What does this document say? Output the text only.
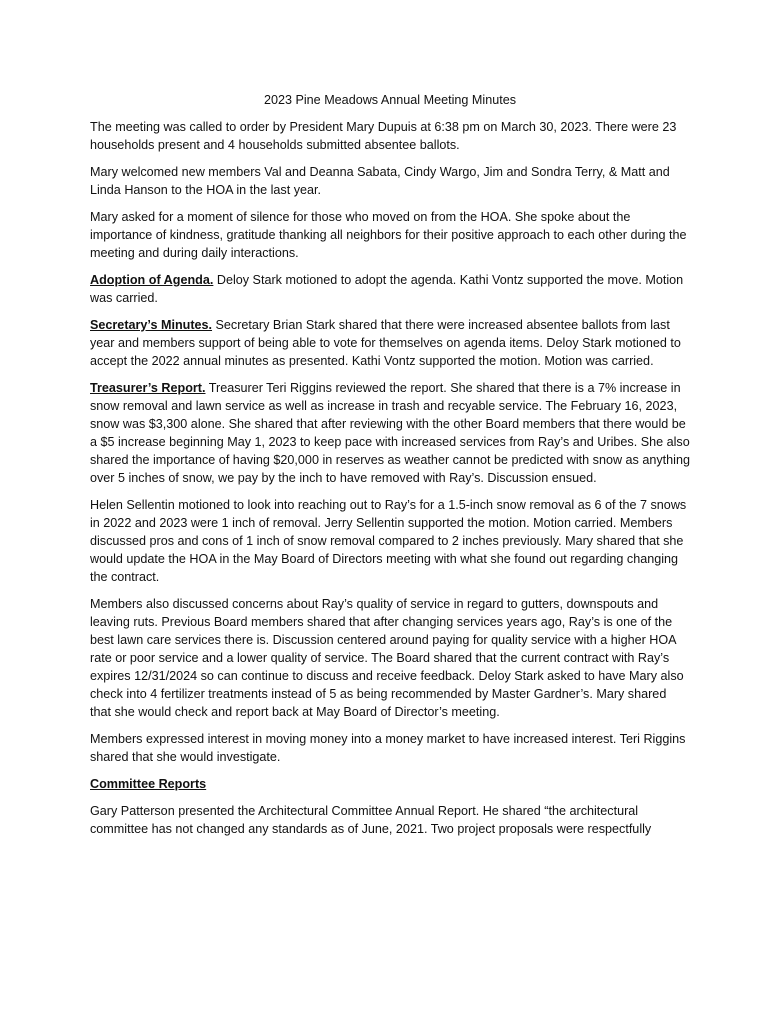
2023 Pine Meadows Annual Meeting Minutes

The meeting was called to order by President Mary Dupuis at 6:38 pm on March 30, 2023. There were 23 households present and 4 households submitted absentee ballots.

Mary welcomed new members Val and Deanna Sabata, Cindy Wargo, Jim and Sondra Terry, & Matt and Linda Hanson to the HOA in the last year.

Mary asked for a moment of silence for those who moved on from the HOA. She spoke about the importance of kindness, gratitude thanking all neighbors for their positive approach to each other during the meeting and during daily interactions.

Adoption of Agenda. Deloy Stark motioned to adopt the agenda. Kathi Vontz supported the move. Motion was carried.

Secretary’s Minutes. Secretary Brian Stark shared that there were increased absentee ballots from last year and members support of being able to vote for themselves on agenda items. Deloy Stark motioned to accept the 2022 annual minutes as presented. Kathi Vontz supported the motion. Motion was carried.

Treasurer’s Report. Treasurer Teri Riggins reviewed the report. She shared that there is a 7% increase in snow removal and lawn service as well as increase in trash and recyable service. The February 16, 2023, snow was $3,300 alone. She shared that after reviewing with the other Board members that there would be a $5 increase beginning May 1, 2023 to keep pace with increased services from Ray’s and Uribes. She also shared the importance of having $20,000 in reserves as weather cannot be predicted with snow as anything over 5 inches of snow, we pay by the inch to have removed with Ray’s. Discussion ensued.

Helen Sellentin motioned to look into reaching out to Ray’s for a 1.5-inch snow removal as 6 of the 7 snows in 2022 and 2023 were 1 inch of removal. Jerry Sellentin supported the motion. Motion carried. Members discussed pros and cons of 1 inch of snow removal compared to 2 inches previously. Mary shared that she would update the HOA in the May Board of Directors meeting with what she found out regarding changing the contract.

Members also discussed concerns about Ray’s quality of service in regard to gutters, downspouts and leaving ruts. Previous Board members shared that after changing services years ago, Ray’s is one of the best lawn care services there is. Discussion centered around paying for quality service with a higher HOA rate or poor service and a lower quality of service. The Board shared that the current contract with Ray’s expires 12/31/2024 so can continue to discuss and receive feedback. Deloy Stark asked to have Mary also check into 4 fertilizer treatments instead of 5 as being recommended by Master Gardner’s. Mary shared that she would check and report back at May Board of Director’s meeting.

Members expressed interest in moving money into a money market to have increased interest. Teri Riggins shared that she would investigate.

Committee Reports

Gary Patterson presented the Architectural Committee Annual Report. He shared “the architectural committee has not changed any standards as of June, 2021. Two project proposals were respectfully
